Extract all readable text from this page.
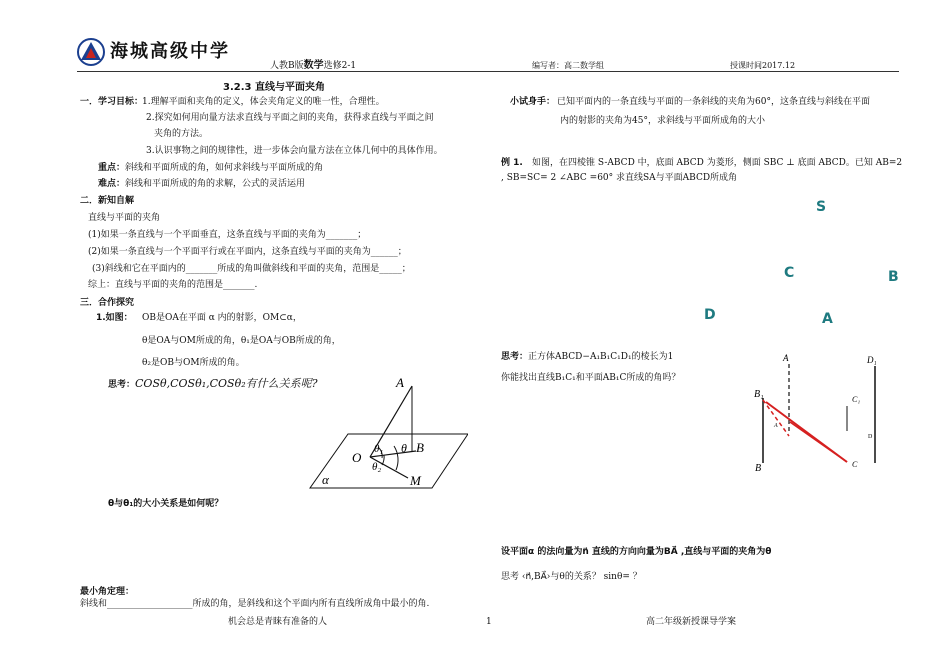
海城高级中学
人教B版数学选修2-1	编写者：高二数学组	授课时间2017.12
3.2.3 直线与平面夹角
一．学习目标：
1.理解平面和夹角的定义，体会夹角定义的唯一性，合理性。
2.探究如何用向量方法求直线与平面之间的夹角，获得求直线与平面之间
夹角的方法。
3.认识事物之间的规律性，进一步体会向量方法在立体几何中的具体作用。
重点：斜线和平面所成的角，如何求斜线与平面所成的角
难点：斜线和平面所成的角的求解，公式的灵活运用
二．新知自解
直线与平面的夹角
(1)如果一条直线与一个平面垂直，这条直线与平面的夹角为_______；
(2)如果一条直线与一个平面平行或在平面内，这条直线与平面的夹角为______；
(3)斜线和它在平面内的_______所成的角叫做斜线和平面的夹角，范围是_____；
综上：直线与平面的夹角的范围是_______.
三．合作探究
1.如图： OB是OA在平面 α 内的射影，OM⊂α，
θ是OA与OM所成的角，θ₁是OA与OB所成的角，
θ₂是OB与OM所成的角。
思考：COSθ,COSθ₁,COSθ₂有什么关系呢?	A
B
O
M
α
θ
θ₁
θ₂
θ与θ₁的大小关系是如何呢？
最小角定理：
斜线和___________________所成的角，是斜线和这个平面内所有直线所成角中最小的角.
小试身手： 已知平面内的一条直线与平面的一条斜线的夹角为60°，这条直线与斜线在平面
内的射影的夹角为45°，求斜线与平面所成角的大小
例 1. 如图，在四棱锥 S-ABCD 中，底面 ABCD 为菱形，侧面 SBC ⊥ 底面 ABCD。已知 AB=2
, SB=SC= 2 ∠ABC =60° 求直线SA与平面ABCD所成角
S
C	B
D	A
思考：正方体ABCD−A₁B₁C₁D₁的棱长为1
你能找出直线B₁C₁和平面AB₁C所成的角吗？
A	D₁
B₁	C₁
A
D
B	C
设平面α 的法向量为n⃗ 直线的方向向量为BA⃗ ,直线与平面的夹角为θ
思考 ‹n⃗,BA⃗›与θ的关系？ sinθ= ？
机会总是青睐有准备的人	1	高二年级新授课导学案
